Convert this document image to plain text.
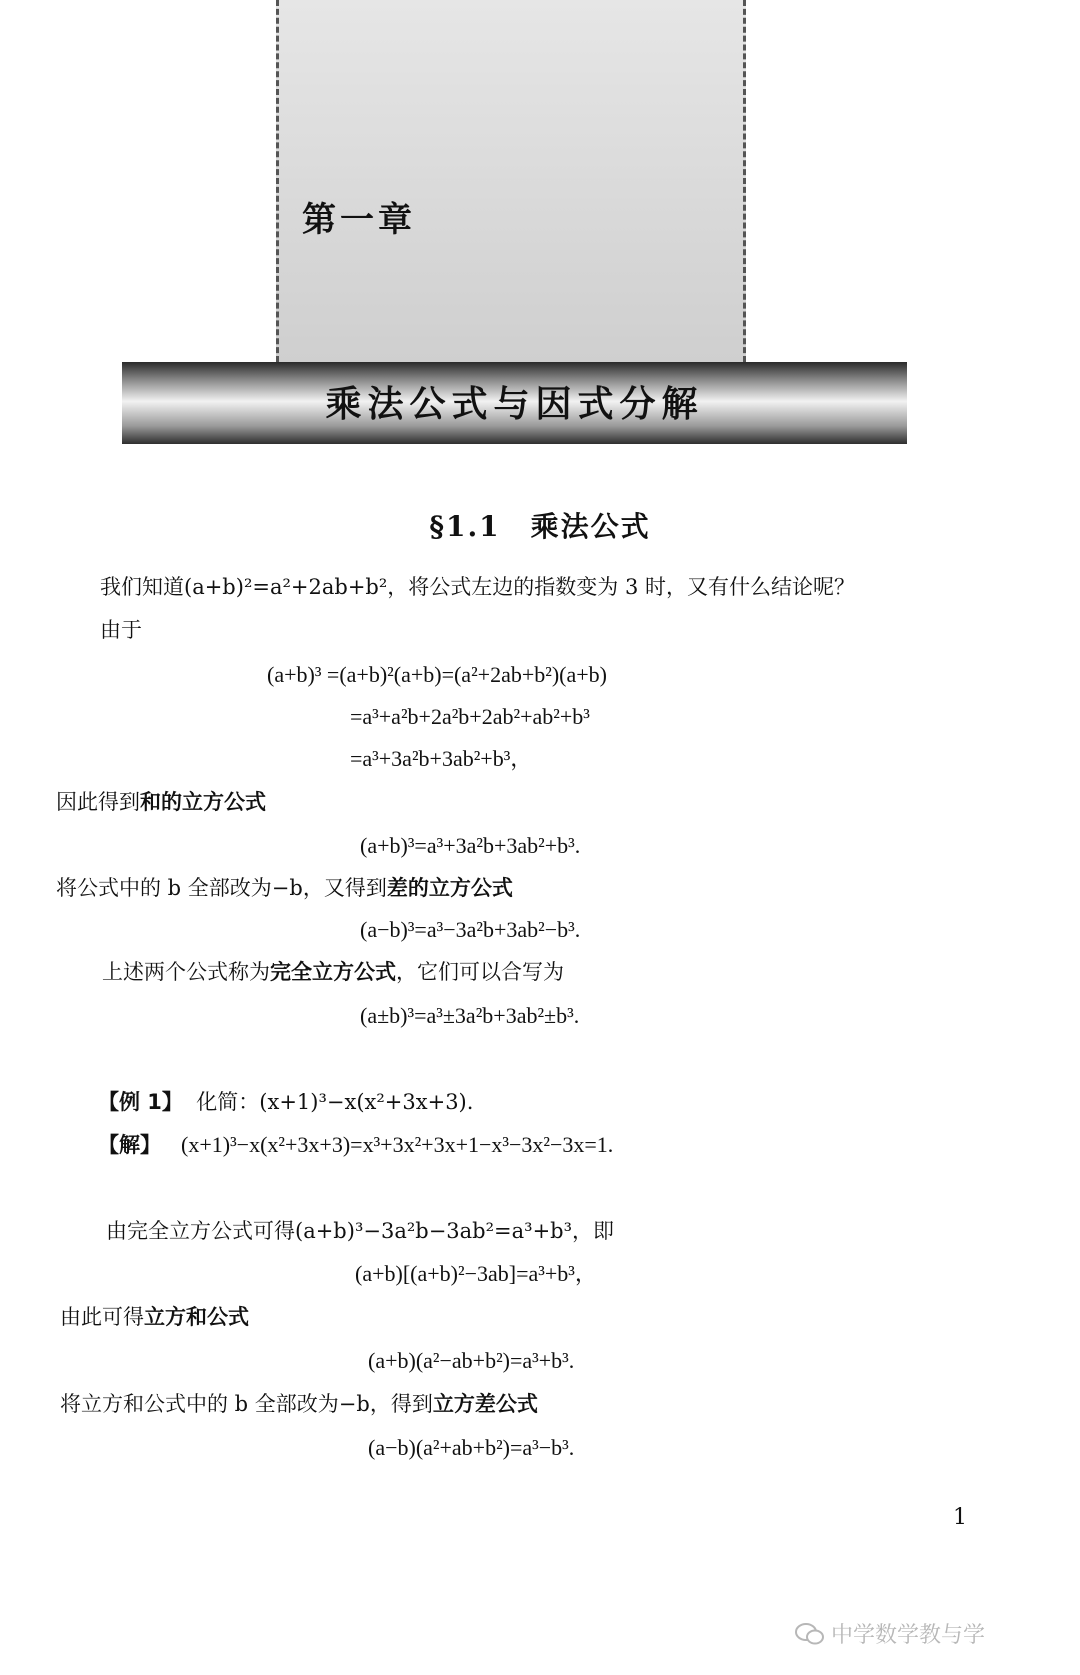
第一章
乘法公式与因式分解
§1.1　乘法公式
我们知道(a+b)²=a²+2ab+b²，将公式左边的指数变为 3 时，又有什么结论呢？
由于
(a+b)³ =(a+b)²(a+b)=(a²+2ab+b²)(a+b)
=a³+a²b+2a²b+2ab²+ab²+b³
=a³+3a²b+3ab²+b³，
因此得到和的立方公式
(a+b)³=a³+3a²b+3ab²+b³.
将公式中的 b 全部改为−b，又得到差的立方公式
(a−b)³=a³−3a²b+3ab²−b³.
上述两个公式称为完全立方公式，它们可以合写为
(a±b)³=a³±3a²b+3ab²±b³.
【例 1】 化简：(x+1)³−x(x²+3x+3).
【解】 (x+1)³−x(x²+3x+3)=x³+3x²+3x+1−x³−3x²−3x=1.
由完全立方公式可得(a+b)³−3a²b−3ab²=a³+b³，即
(a+b)[(a+b)²−3ab]=a³+b³，
由此可得立方和公式
(a+b)(a²−ab+b²)=a³+b³.
将立方和公式中的 b 全部改为−b，得到立方差公式
(a−b)(a²+ab+b²)=a³−b³.
1
中学数学教与学
